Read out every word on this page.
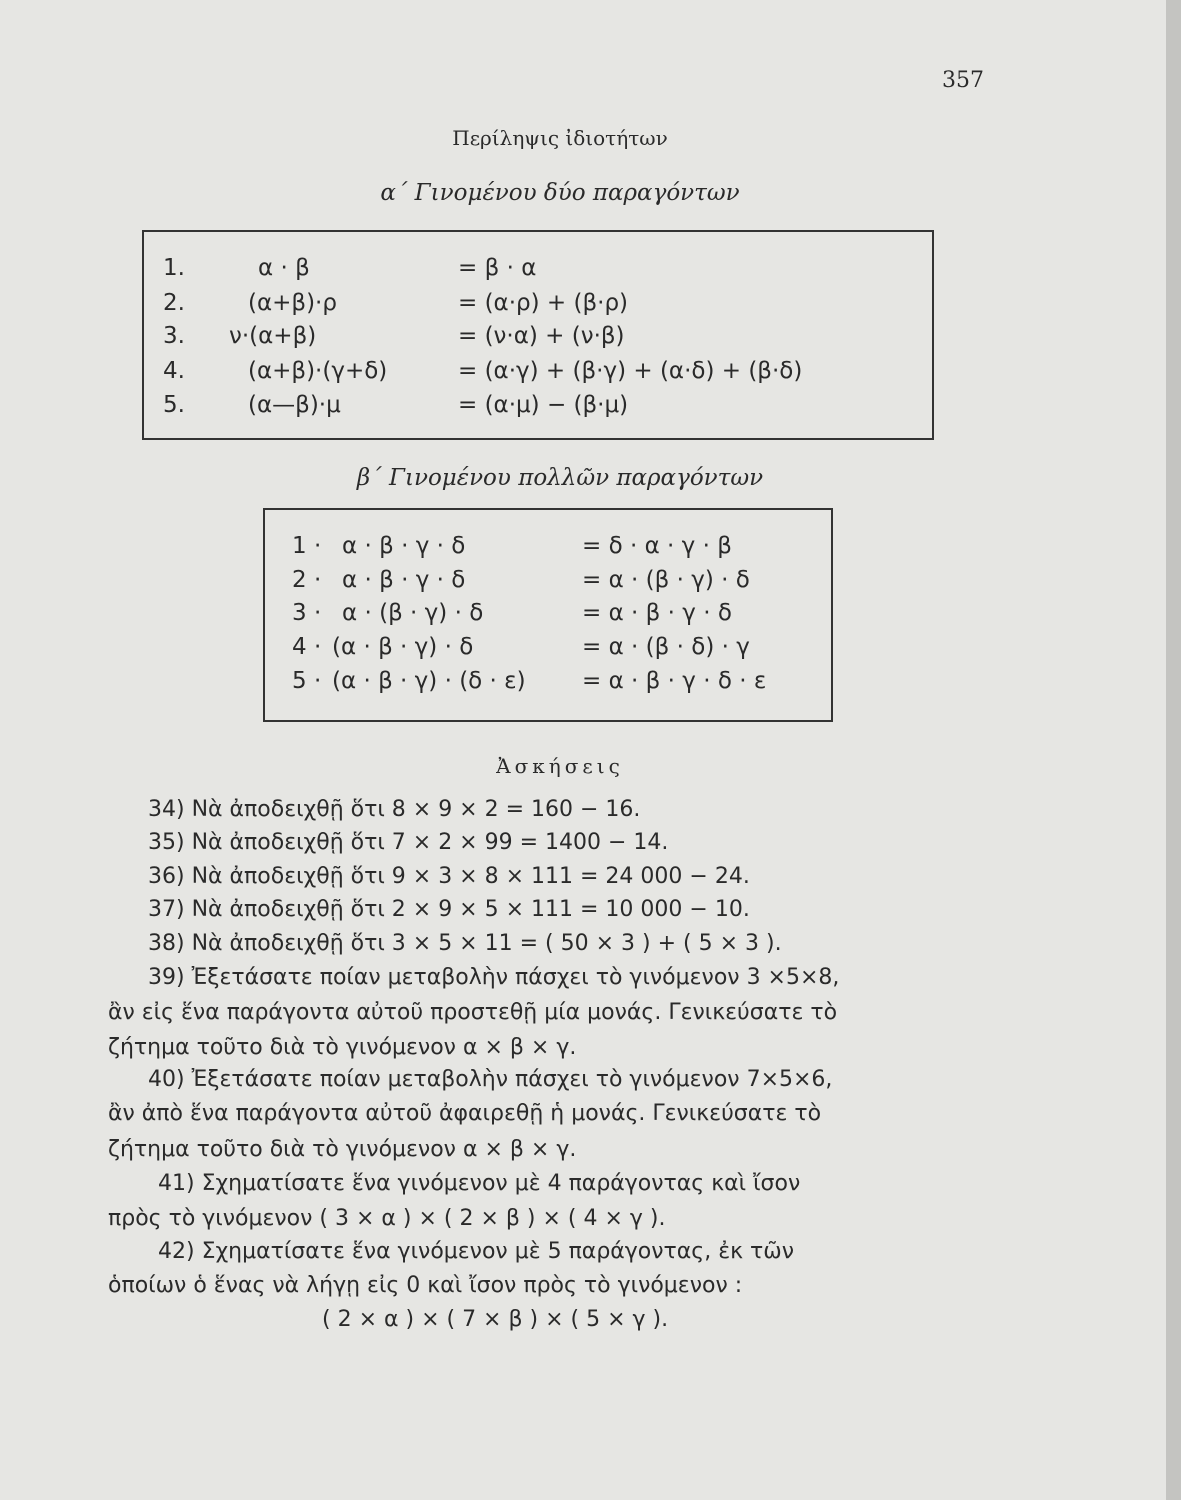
357
Περίληψις ἰδιοτήτων
α΄ Γινομένου δύο παραγόντων
1.	α · β	= β · α
2.	(α+β)·ρ	= (α·ρ) + (β·ρ)
3. ν·(α+β)	= (ν·α) + (ν·β)
4.	(α+β)·(γ+δ)	= (α·γ) + (β·γ) + (α·δ) + (β·δ)
5.	(α—β)·μ	= (α·μ) − (β·μ)
β΄ Γινομένου πολλῶν παραγόντων
1 · α · β · γ · δ	= δ · α · γ · β
2 · α · β · γ · δ	= α · (β · γ) · δ
3 · α · (β · γ) · δ	= α · β · γ · δ
4 · (α · β · γ) · δ	= α · (β · δ) · γ
5 · (α · β · γ) · (δ · ε) = α · β · γ · δ · ε
Ἀσκήσεις
34) Νὰ ἀποδειχθῇ ὅτι 8 × 9 × 2 = 160 − 16.
35) Νὰ ἀποδειχθῇ ὅτι 7 × 2 × 99 = 1400 − 14.
36) Νὰ ἀποδειχθῇ ὅτι 9 × 3 × 8 × 111 = 24 000 − 24.
37) Νὰ ἀποδειχθῇ ὅτι 2 × 9 × 5 × 111 = 10 000 − 10.
38) Νὰ ἀποδειχθῇ ὅτι 3 × 5 × 11 = ( 50 × 3 ) + ( 5 × 3 ).
39) Ἐξετάσατε ποίαν μεταβολὴν πάσχει τὸ γινόμενον 3 ×5×8,
ἂν εἰς ἕνα παράγοντα αὐτοῦ προστεθῇ μία μονάς. Γενικεύσατε τὸ
ζήτημα τοῦτο διὰ τὸ γινόμενον α × β × γ.
40) Ἐξετάσατε ποίαν μεταβολὴν πάσχει τὸ γινόμενον 7×5×6,
ἂν ἀπὸ ἕνα παράγοντα αὐτοῦ ἀφαιρεθῇ ἡ μονάς. Γενικεύσατε τὸ
ζήτημα τοῦτο διὰ τὸ γινόμενον α × β × γ.
41) Σχηματίσατε ἕνα γινόμενον μὲ 4 παράγοντας καὶ ἴσον
πρὸς τὸ γινόμενον ( 3 × α ) × ( 2 × β ) × ( 4 × γ ).
42) Σχηματίσατε ἕνα γινόμενον μὲ 5 παράγοντας, ἐκ τῶν
ὁποίων ὁ ἕνας νὰ λήγῃ εἰς 0 καὶ ἴσον πρὸς τὸ γινόμενον :
( 2 × α ) × ( 7 × β ) × ( 5 × γ ).
